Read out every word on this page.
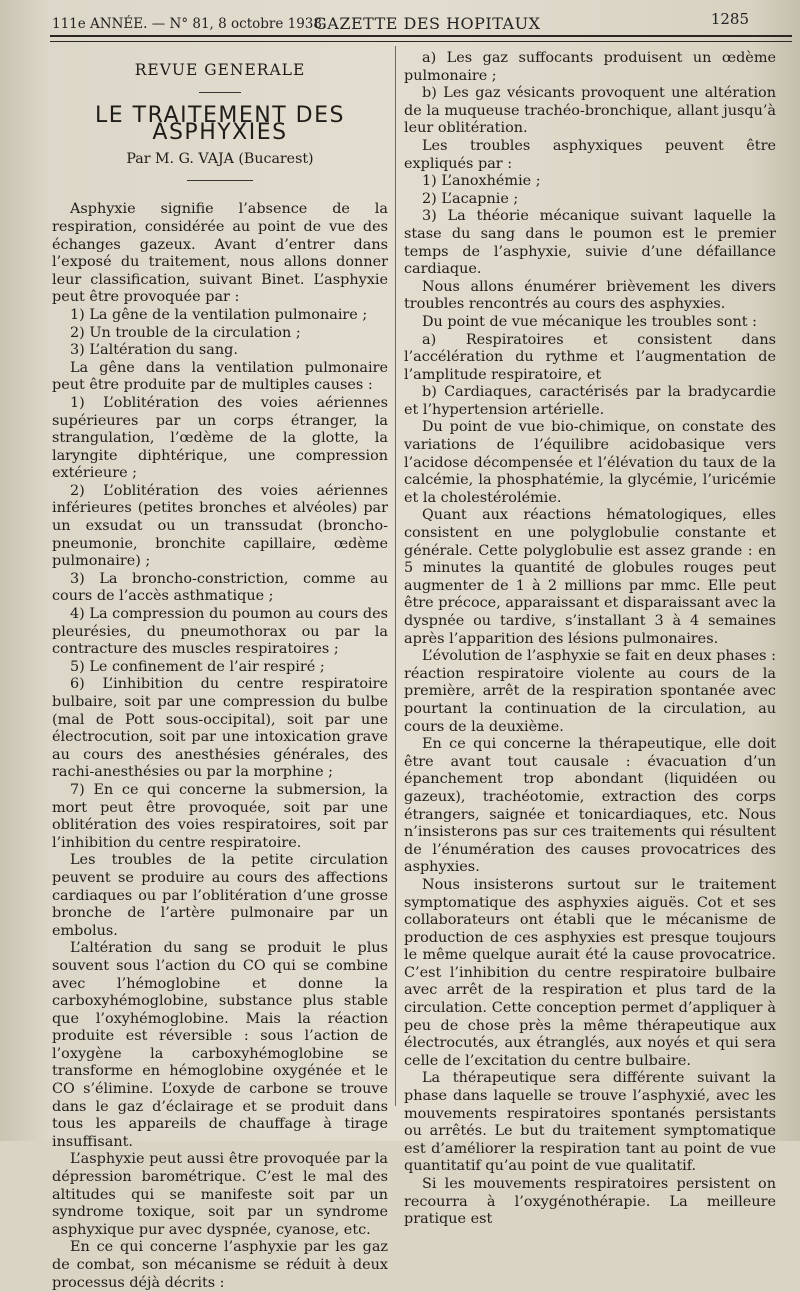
111e ANNÉE. — N° 81, 8 octobre 1938.
GAZETTE DES HOPITAUX	1285

REVUE GENERALE

LE TRAITEMENT DES ASPHYXIES

Par M. G. VAJA (Bucarest)

Asphyxie signifie l’absence de la respiration, considérée au point de vue des échanges gazeux. Avant d’entrer dans l’exposé du traitement, nous allons donner leur classification, suivant Binet. L’asphyxie peut être provoquée par :

1) La gêne de la ventilation pulmonaire ;

2) Un trouble de la circulation ;

3) L’altération du sang.

La gêne dans la ventilation pulmonaire peut être produite par de multiples causes :

1) L’oblitération des voies aériennes supérieures par un corps étranger, la strangulation, l’œdème de la glotte, la laryngite diphtérique, une compression extérieure ;

2) L’oblitération des voies aériennes inférieures (petites bronches et alvéoles) par un exsudat ou un transsudat (broncho-pneumonie, bronchite capillaire, œdème pulmonaire) ;

3) La broncho-constriction, comme au cours de l’accès asthmatique ;

4) La compression du poumon au cours des pleurésies, du pneumothorax ou par la contracture des muscles respiratoires ;

5) Le confinement de l’air respiré ;

6) L’inhibition du centre respiratoire bulbaire, soit par une compression du bulbe (mal de Pott sous-occipital), soit par une électrocution, soit par une intoxication grave au cours des anesthésies générales, des rachi-anesthésies ou par la morphine ;

7) En ce qui concerne la submersion, la mort peut être provoquée, soit par une oblitération des voies respiratoires, soit par l’inhibition du centre respiratoire.

Les troubles de la petite circulation peuvent se produire au cours des affections cardiaques ou par l’oblitération d’une grosse bronche de l’artère pulmonaire par un embolus.

L’altération du sang se produit le plus souvent sous l’action du CO qui se combine avec l’hémoglobine et donne la carboxyhémoglobine, substance plus stable que l’oxyhémoglobine. Mais la réaction produite est réversible : sous l’action de l’oxygène la carboxyhémoglobine se transforme en hémoglobine oxygénée et le CO s’élimine. L’oxyde de carbone se trouve dans le gaz d’éclairage et se produit dans tous les appareils de chauffage à tirage insuffisant.

L’asphyxie peut aussi être provoquée par la dépression barométrique. C’est le mal des altitudes qui se manifeste soit par un syndrome toxique, soit par un syndrome asphyxique pur avec dyspnée, cyanose, etc.

En ce qui concerne l’asphyxie par les gaz de combat, son mécanisme se réduit à deux processus déjà décrits :

a) Les gaz suffocants produisent un œdème pulmonaire ;

b) Les gaz vésicants provoquent une altération de la muqueuse trachéo-bronchique, allant jusqu’à leur oblitération.

Les troubles asphyxiques peuvent être expliqués par :

1) L’anoxhémie ;

2) L’acapnie ;

3) La théorie mécanique suivant laquelle la stase du sang dans le poumon est le premier temps de l’asphyxie, suivie d’une défaillance cardiaque.

Nous allons énumérer brièvement les divers troubles rencontrés au cours des asphyxies.

Du point de vue mécanique les troubles sont :

a) Respiratoires et consistent dans l’accélération du rythme et l’augmentation de l’amplitude respiratoire, et

b) Cardiaques, caractérisés par la bradycardie et l’hypertension artérielle.

Du point de vue bio-chimique, on constate des variations de l’équilibre acidobasique vers l’acidose décompensée et l’élévation du taux de la calcémie, la phosphatémie, la glycémie, l’uricémie et la cholestérolémie.

Quant aux réactions hématologiques, elles consistent en une polyglobulie constante et générale. Cette polyglobulie est assez grande : en 5 minutes la quantité de globules rouges peut augmenter de 1 à 2 millions par mmc. Elle peut être précoce, apparaissant et disparaissant avec la dyspnée ou tardive, s’installant 3 à 4 semaines après l’apparition des lésions pulmonaires.

L’évolution de l’asphyxie se fait en deux phases : réaction respiratoire violente au cours de la première, arrêt de la respiration spontanée avec pourtant la continuation de la circulation, au cours de la deuxième.

En ce qui concerne la thérapeutique, elle doit être avant tout causale : évacuation d’un épanchement trop abondant (liquidéen ou gazeux), trachéotomie, extraction des corps étrangers, saignée et tonicardiaques, etc. Nous n’insisterons pas sur ces traitements qui résultent de l’énumération des causes provocatrices des asphyxies.

Nous insisterons surtout sur le traitement symptomatique des asphyxies aiguës. Cot et ses collaborateurs ont établi que le mécanisme de production de ces asphyxies est presque toujours le même quelque aurait été la cause provocatrice. C’est l’inhibition du centre respiratoire bulbaire avec arrêt de la respiration et plus tard de la circulation. Cette conception permet d’appliquer à peu de chose près la même thérapeutique aux électrocutés, aux étranglés, aux noyés et qui sera celle de l’excitation du centre bulbaire.

La thérapeutique sera différente suivant la phase dans laquelle se trouve l’asphyxié, avec les mouvements respiratoires spontanés persistants ou arrêtés. Le but du traitement symptomatique est d’améliorer la respiration tant au point de vue quantitatif qu’au point de vue qualitatif.

Si les mouvements respiratoires persistent on recourra à l’oxygénothérapie. La meilleure pratique est
